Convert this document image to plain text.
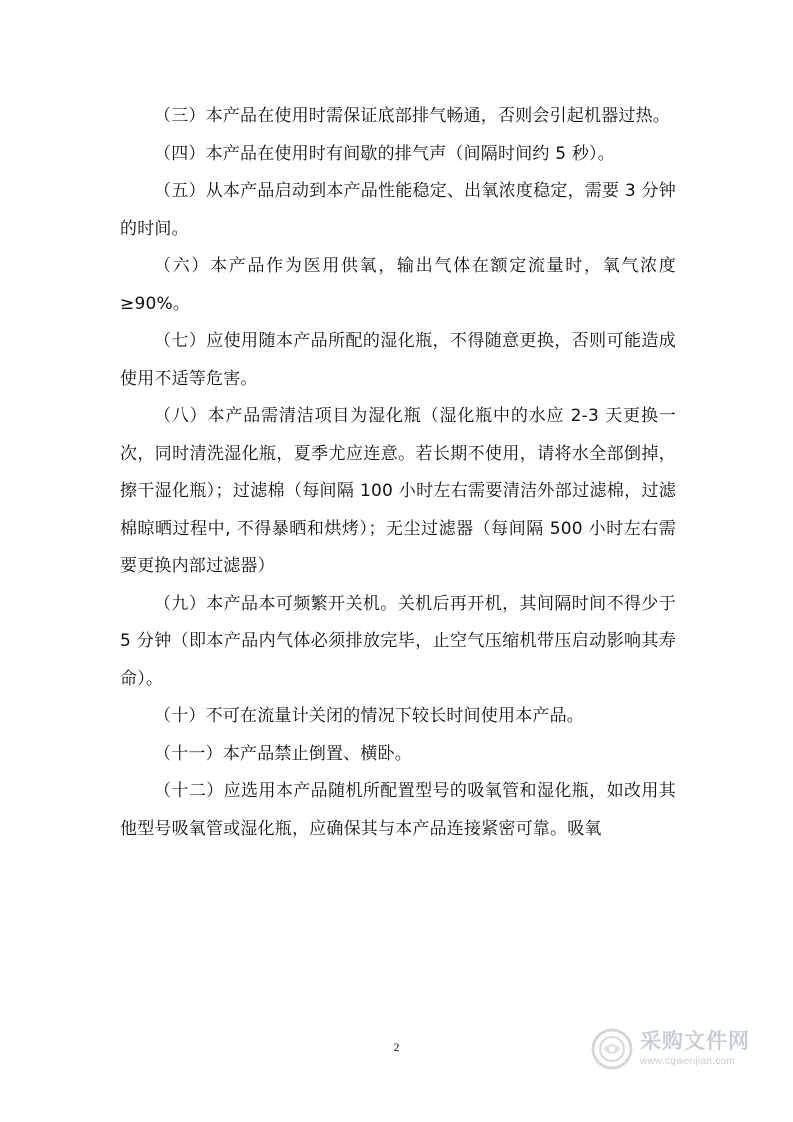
（三）本产品在使用时需保证底部排气畅通，否则会引起机器过热。

（四）本产品在使用时有间歇的排气声（间隔时间约 5 秒）。

（五）从本产品启动到本产品性能稳定、出氧浓度稳定，需要 3 分钟的时间。

（六）本产品作为医用供氧，输出气体在额定流量时，氧气浓度≥90%。

（七）应使用随本产品所配的湿化瓶，不得随意更换，否则可能造成使用不适等危害。

（八）本产品需清洁项目为湿化瓶（湿化瓶中的水应 2-3 天更换一次，同时清洗湿化瓶，夏季尤应连意。若长期不使用，请将水全部倒掉，擦干湿化瓶）；过滤棉（每间隔 100 小时左右需要清洁外部过滤棉，过滤棉晾晒过程中, 不得暴晒和烘烤）；无尘过滤器（每间隔 500 小时左右需要更换内部过滤器）

（九）本产品本可频繁开关机。关机后再开机，其间隔时间不得少于 5 分钟（即本产品内气体必须排放完毕，止空气压缩机带压启动影响其寿命）。

（十）不可在流量计关闭的情况下较长时间使用本产品。

（十一）本产品禁止倒置、横卧。

（十二）应选用本产品随机所配置型号的吸氧管和湿化瓶，如改用其他型号吸氧管或湿化瓶，应确保其与本产品连接紧密可靠。吸氧

2	采购文件网
www.cgwenjian.com
